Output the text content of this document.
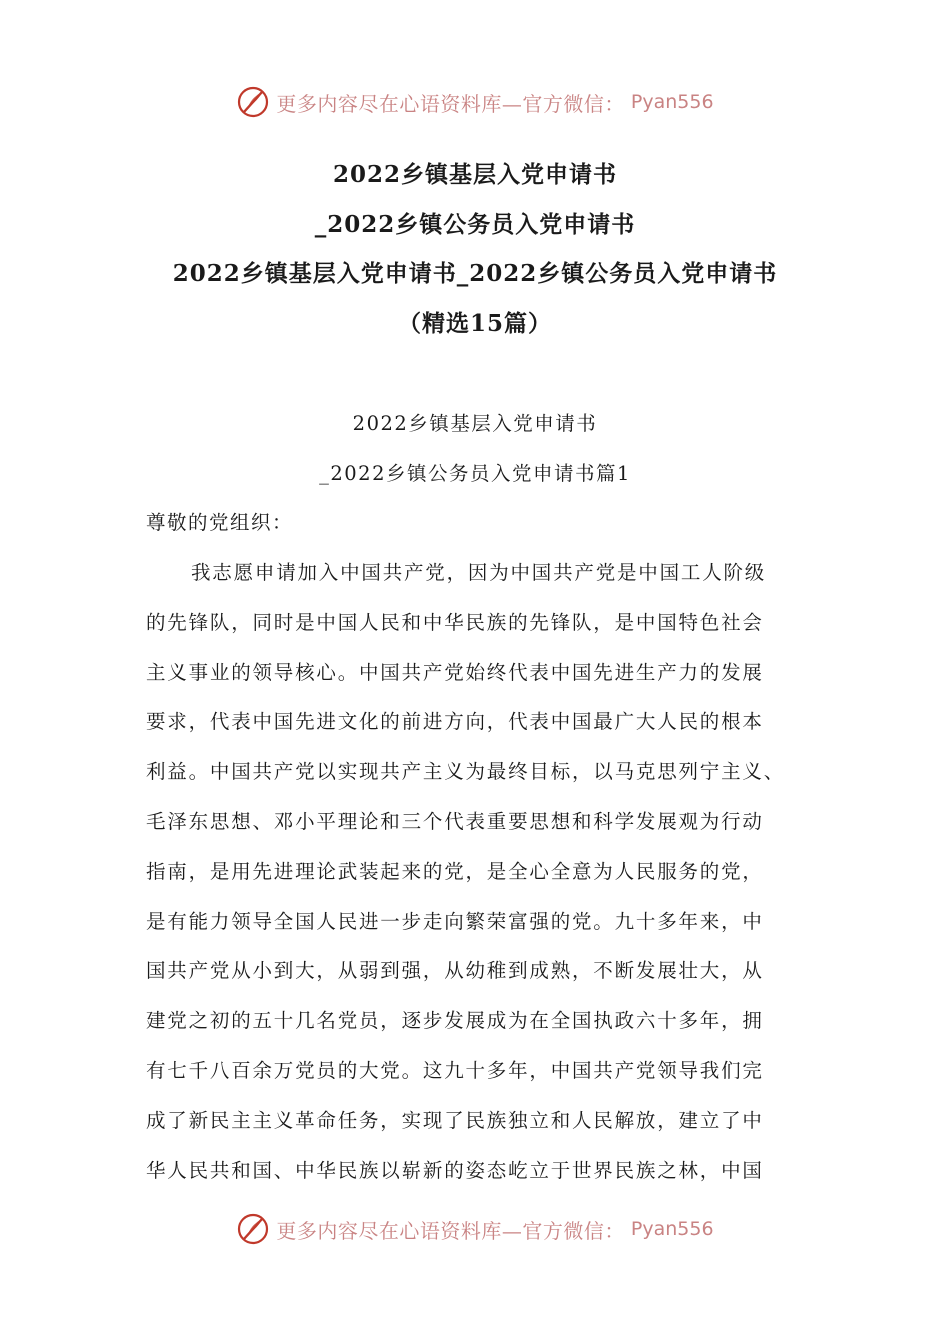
更多内容尽在心语资料库—官方微信： Pyan556
2022乡镇基层入党申请书
_2022乡镇公务员入党申请书
2022乡镇基层入党申请书_2022乡镇公务员入党申请书
（精选15篇）
2022乡镇基层入党申请书
_2022乡镇公务员入党申请书篇1
尊敬的党组织：
我志愿申请加入中国共产党，因为中国共产党是中国工人阶级
的先锋队，同时是中国人民和中华民族的先锋队，是中国特色社会
主义事业的领导核心。中国共产党始终代表中国先进生产力的发展
要求，代表中国先进文化的前进方向，代表中国最广大人民的根本
利益。中国共产党以实现共产主义为最终目标，以马克思列宁主义、
毛泽东思想、邓小平理论和三个代表重要思想和科学发展观为行动
指南，是用先进理论武装起来的党，是全心全意为人民服务的党，
是有能力领导全国人民进一步走向繁荣富强的党。九十多年来，中
国共产党从小到大，从弱到强，从幼稚到成熟，不断发展壮大，从
建党之初的五十几名党员，逐步发展成为在全国执政六十多年，拥
有七千八百余万党员的大党。这九十多年，中国共产党领导我们完
成了新民主主义革命任务，实现了民族独立和人民解放，建立了中
华人民共和国、中华民族以崭新的姿态屹立于世界民族之林，中国
更多内容尽在心语资料库—官方微信： Pyan556
